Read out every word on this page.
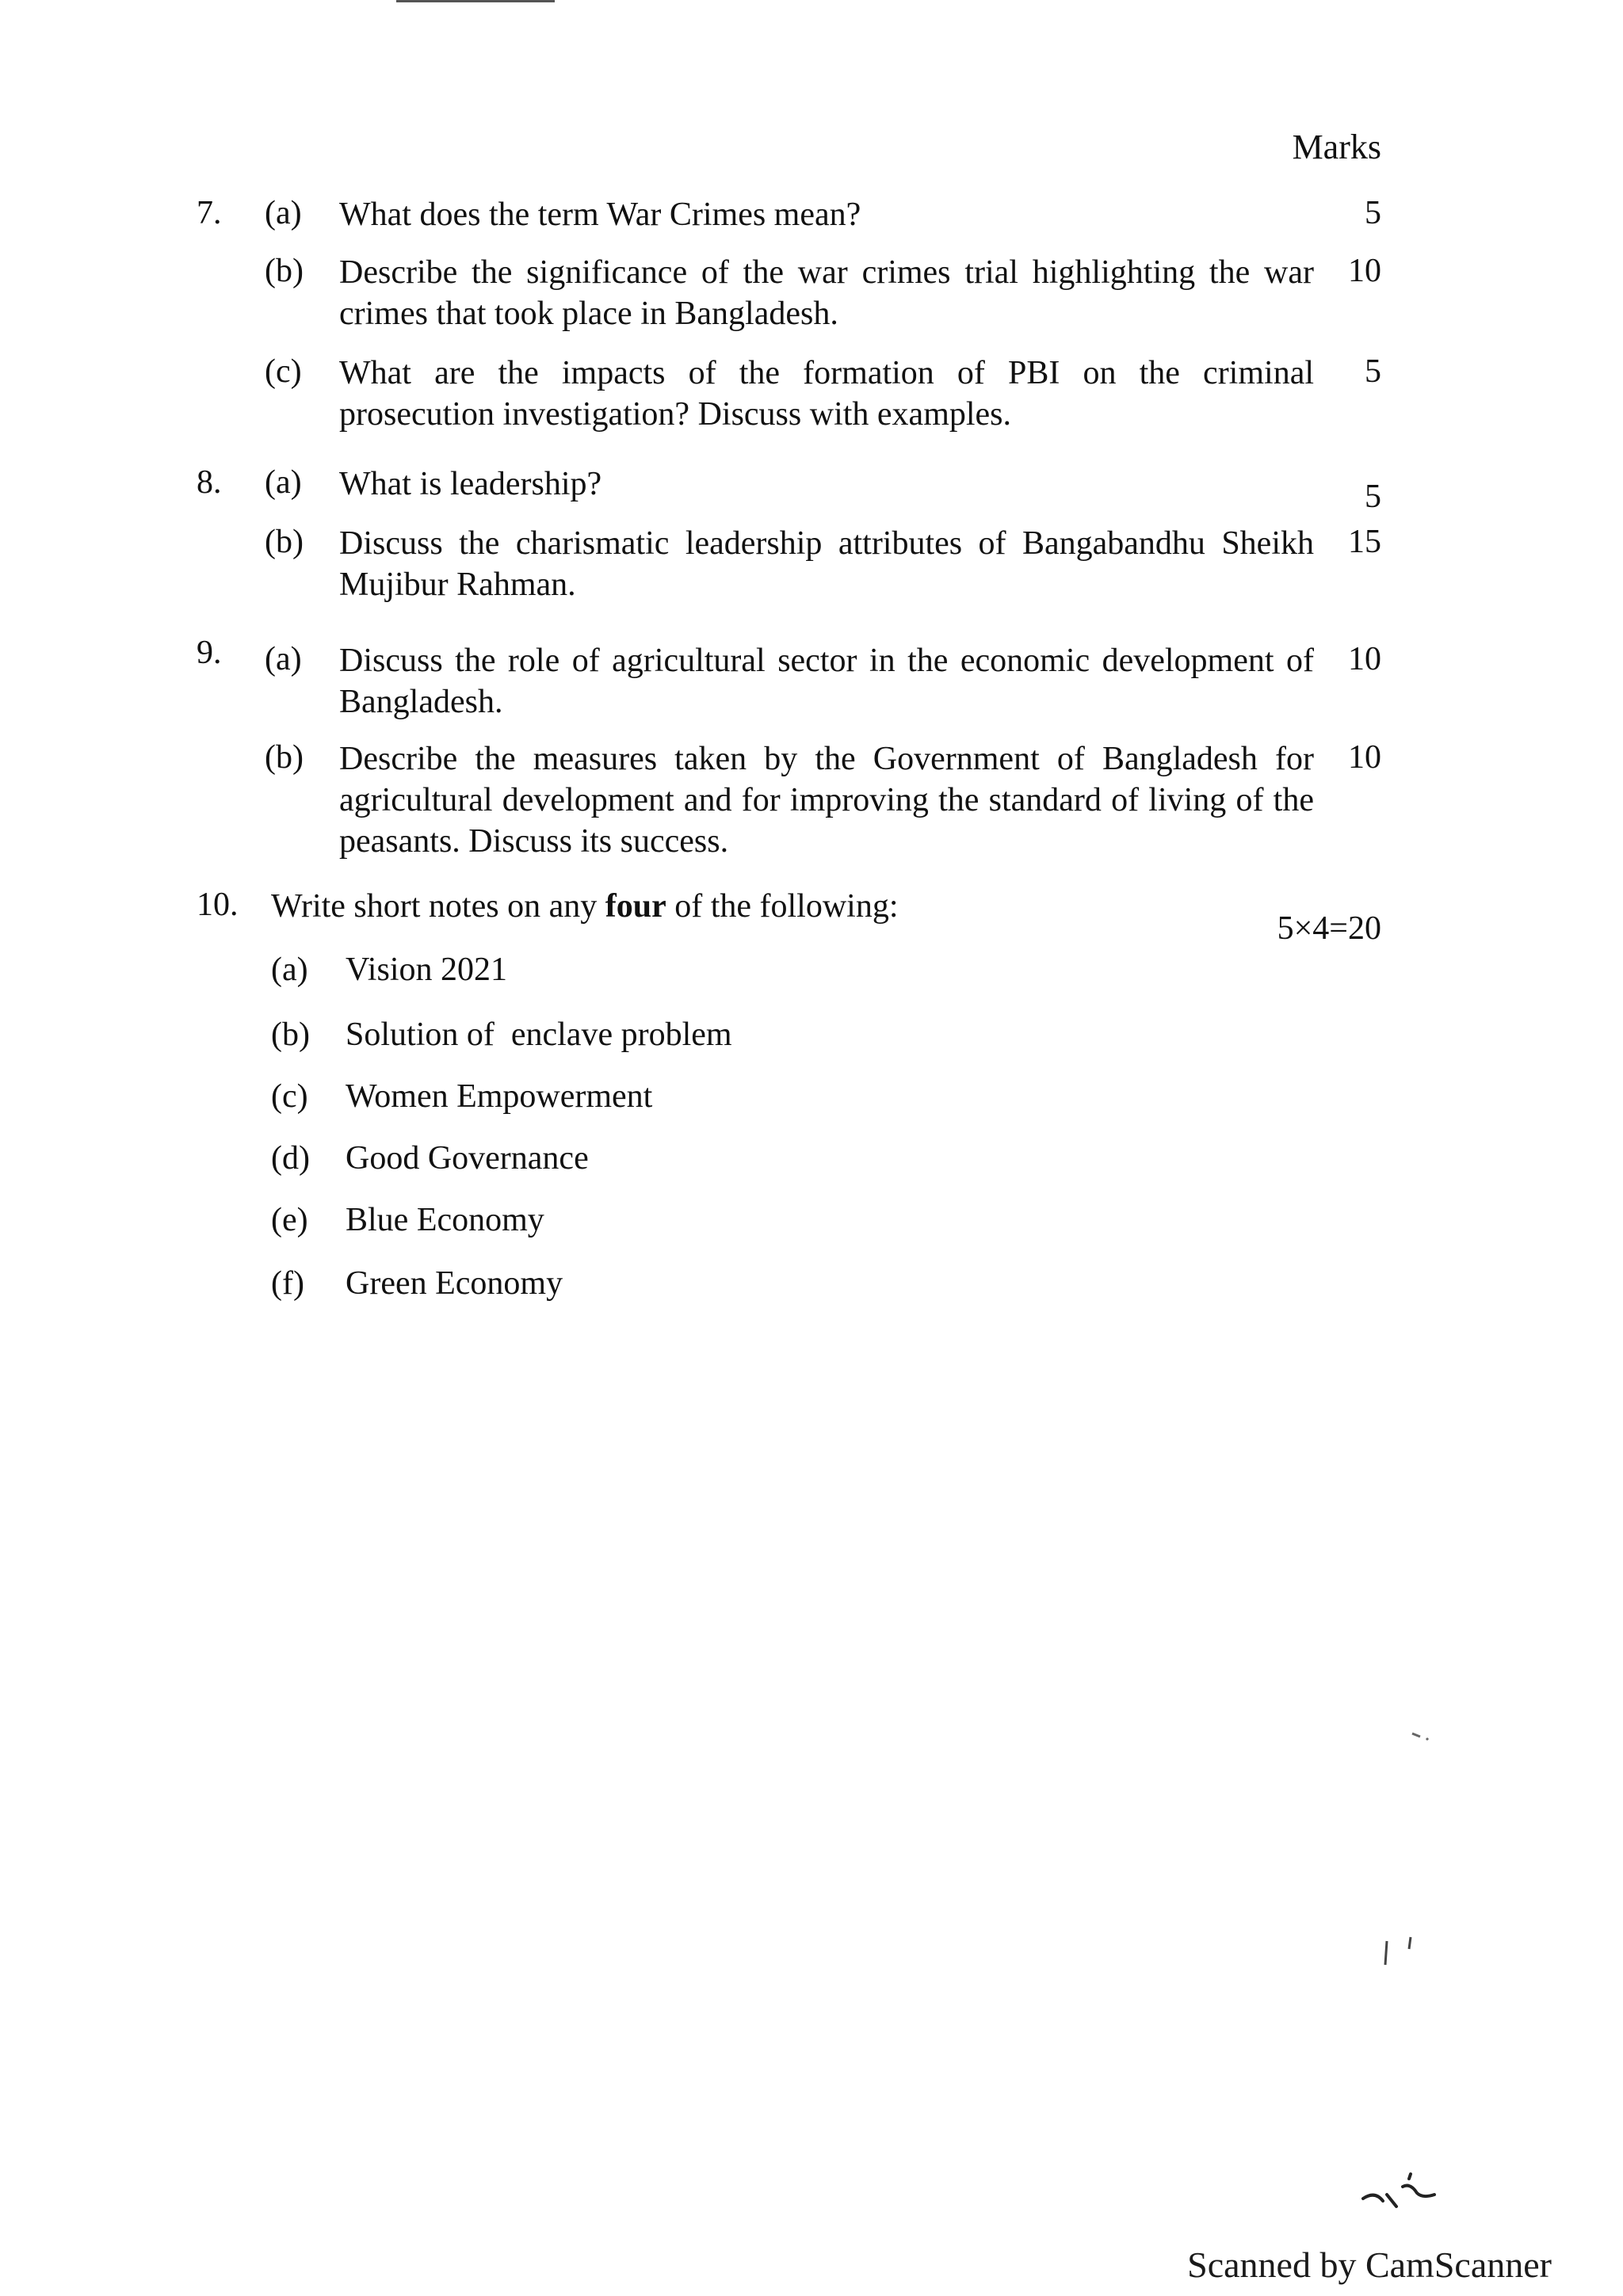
Marks
7. (a) What does the term War Crimes mean?	5
(b) Describe the significance of the war crimes trial highlighting the war crimes that took place in Bangladesh.
10
(c) What are the impacts of the formation of PBI on the criminal prosecution investigation? Discuss with examples.
5
8. (a) What is leadership?	5
(b) Discuss the charismatic leadership attributes of Bangabandhu Sheikh Mujibur Rahman.
15
9. (a) Discuss the role of agricultural sector in the economic development of Bangladesh.
10
(b) Describe the measures taken by the Government of Bangladesh for agricultural development and for improving the standard of living of the peasants. Discuss its success.
10
10. Write short notes on any four of the following:
5×4=20
(a) Vision 2021
(b) Solution of  enclave problem
(c) Women Empowerment
(d) Good Governance
(e) Blue Economy
(f) Green Economy
Scanned by CamScanner
